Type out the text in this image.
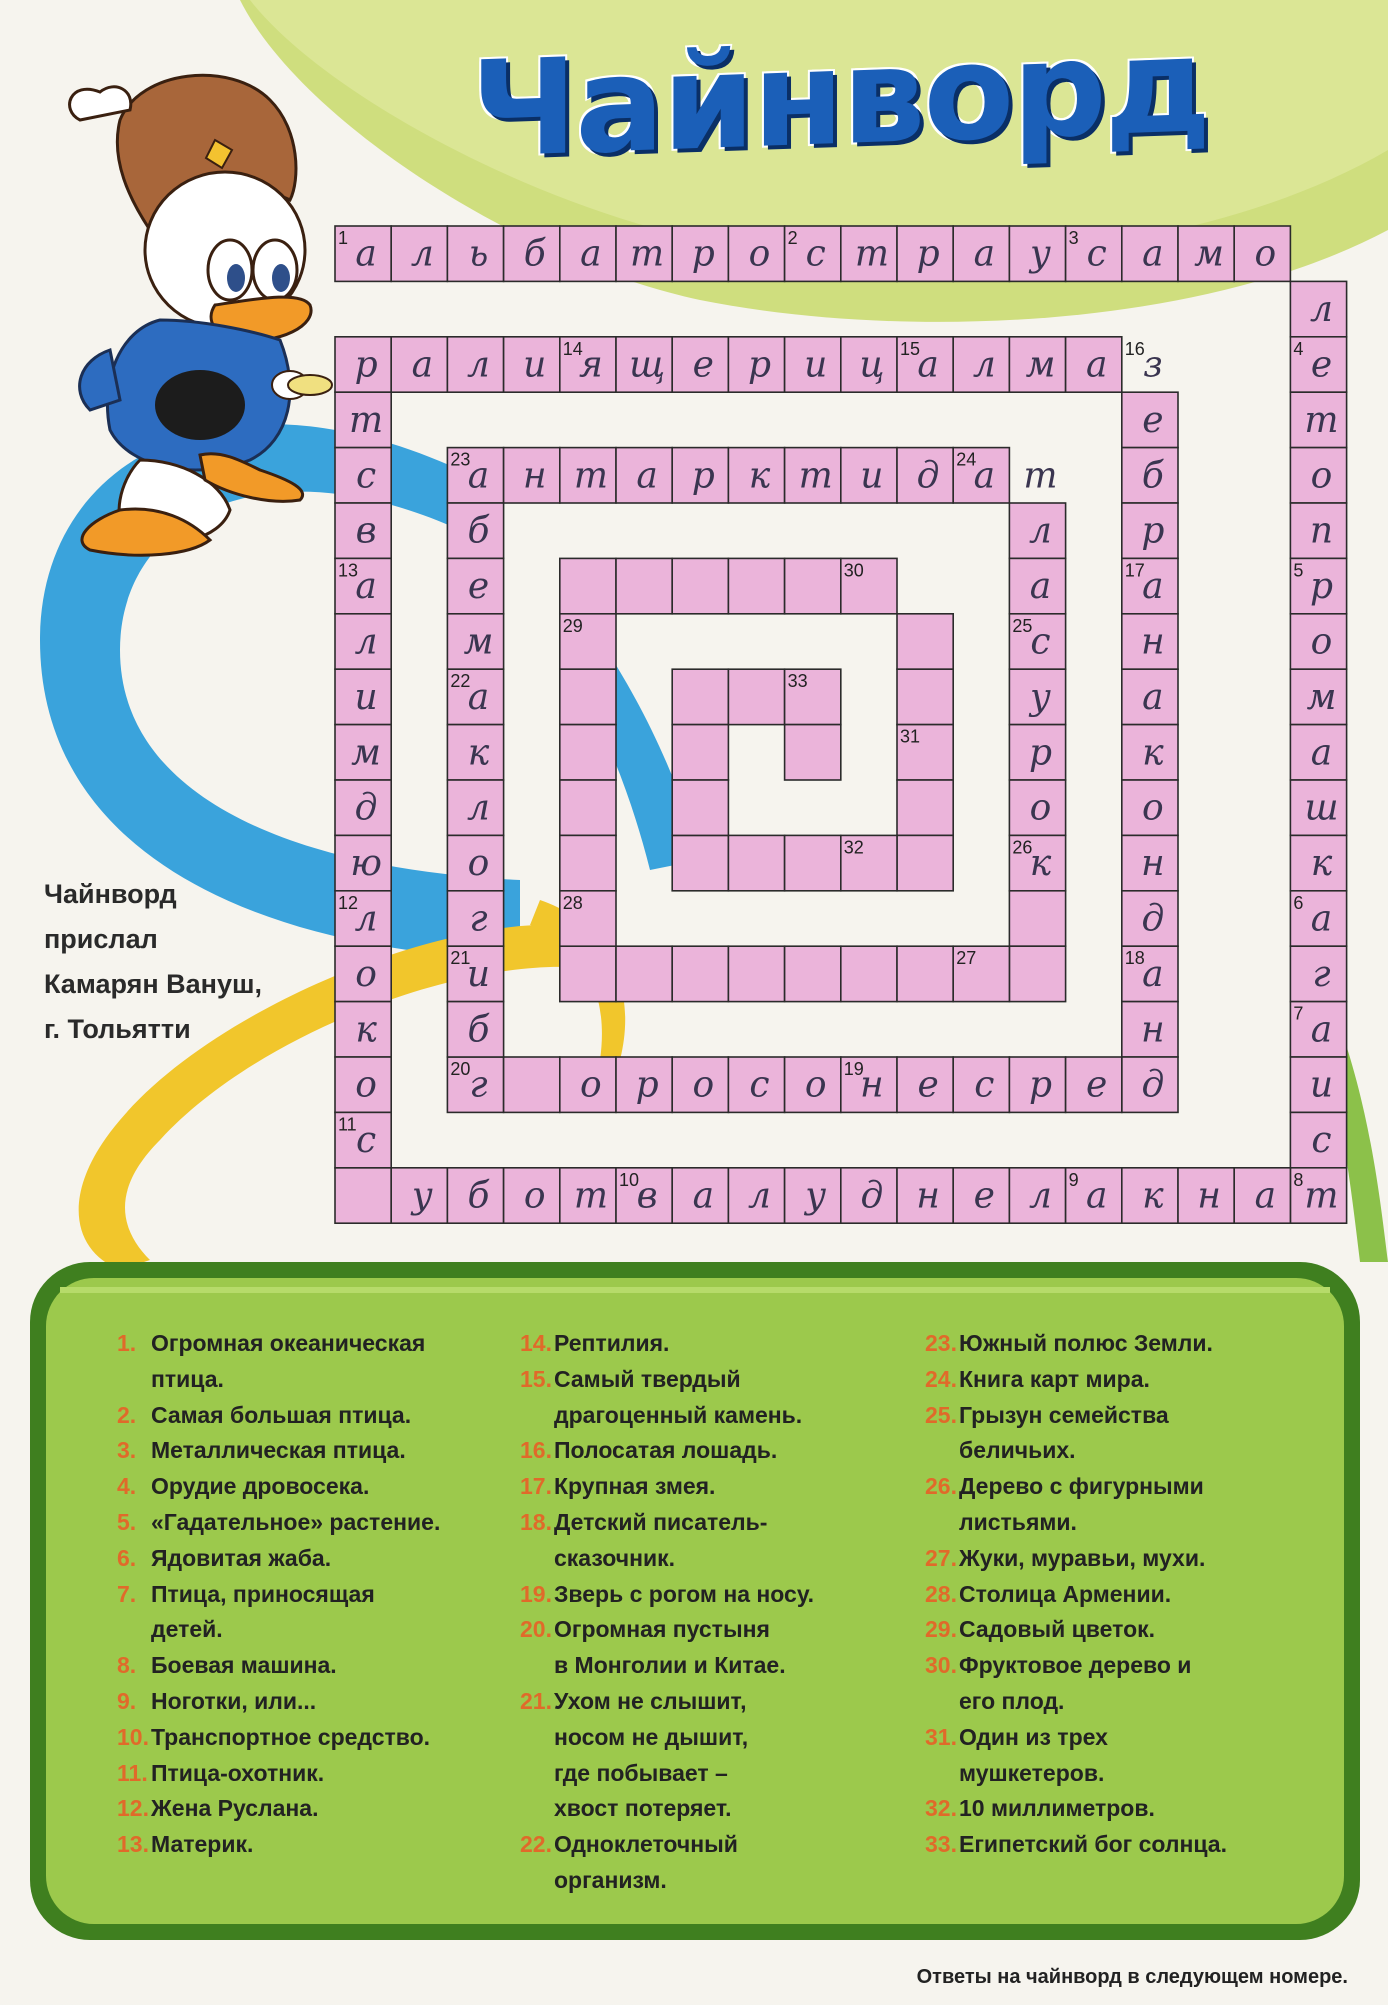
Чайнворд
Чайнворд
прислал
Камарян Вануш,
г. Тольятти
а л ь б а т р о с т р а у с а м о
л
е
т
о
п
р
о
м
а
ш
к
а
г
а
и
с
т
а
н
к
а
л
е
н
д
у
л
а
в
т
о
б
у
с
о
к
о
л
ю
д
м
и
л
а
в
с
т
р а л и я щ е р и ц а л м а з
е
б
р
а
н
а
к
о
н
д
а
н
д
е
р
с
е
н
о
с
о
р
о
г
б
и
г
о
л
к
а
м
е
б
а н т а р к т и д а т
л
а
с
у
р
о
к
1	2	3
4
5
6
7
8
9
10
11
12
13
14	15	16
17
18
19
20
21
22
23	24
25
26
27
28
29
30
31
32
33
1. Огромная океаническая
птица.
2. Самая большая птица.
3. Металлическая птица.
4. Орудие дровосека.
5. «Гадательное» растение.
6. Ядовитая жаба.
7. Птица, приносящая
детей.
8. Боевая машина.
9. Ноготки, или...
10.Транспортное средство.
11. Птица-охотник.
12.Жена Руслана.
13.Материк.
14.Рептилия.
15.Самый твердый
драгоценный камень.
16.Полосатая лошадь.
17.Крупная змея.
18.Детский писатель-
сказочник.
19.Зверь с рогом на носу.
20.Огромная пустыня
в Монголии и Китае.
21.Ухом не слышит,
носом не дышит,
где побывает –
хвост потеряет.
22.Одноклеточный
организм.
23.Южный полюс Земли.
24.Книга карт мира.
25.Грызун семейства
беличьих.
26.Дерево с фигурными
листьями.
27.Жуки, муравьи, мухи.
28.Столица Армении.
29.Садовый цветок.
30.Фруктовое дерево и
его плод.
31.Один из трех
мушкетеров.
32.10 миллиметров.
33.Египетский бог солнца.
Ответы на чайнворд в следующем номере.
